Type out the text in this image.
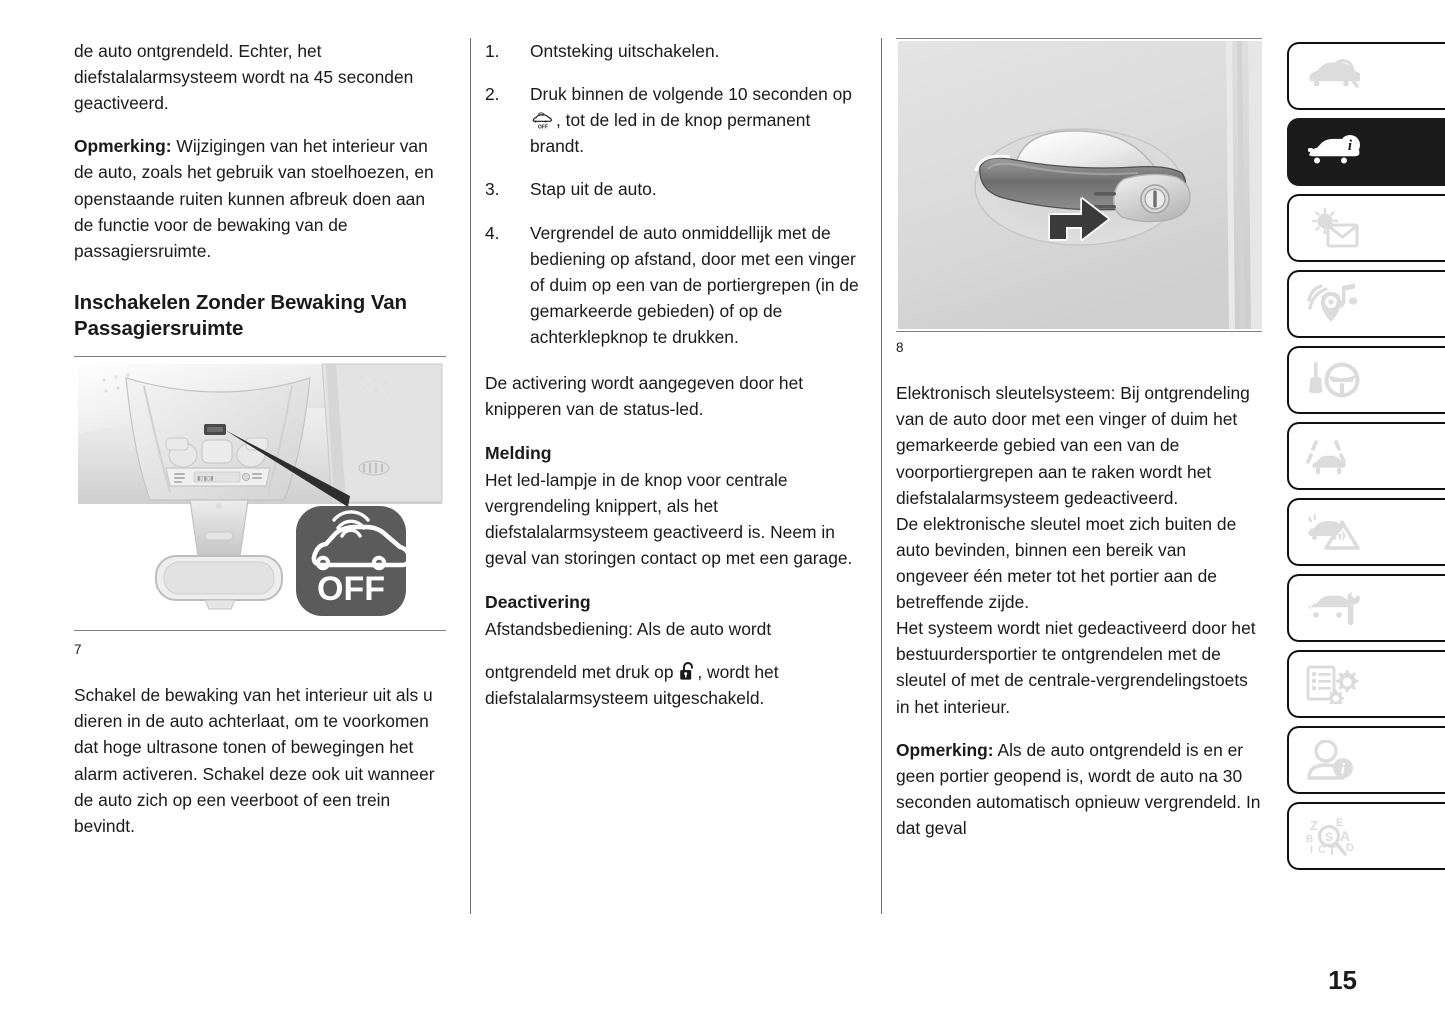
de auto ontgrendeld. Echter, het diefstalalarmsysteem wordt na 45 seconden geactiveerd.

Opmerking: Wijzigingen van het interieur van de auto, zoals het gebruik van stoelhoezen, en openstaande ruiten kunnen afbreuk doen aan de functie voor de bewaking van de passagiersruimte.

Inschakelen Zonder Bewaking Van Passagiersruimte
▮▯▮▯▮
OFF
7

Schakel de bewaking van het interieur uit als u dieren in de auto achterlaat, om te voorkomen dat hoge ultrasone tonen of bewegingen het alarm activeren. Schakel deze ook uit wanneer de auto zich op een veerboot of een trein bevindt.

1.	Ontsteking uitschakelen.
2.	Druk binnen de volgende 10 seconden op
OFF , tot de led in de knop permanent brandt.
3.	Stap uit de auto.
4.	Vergrendel de auto onmiddellijk met de bediening op afstand, door met een vinger of duim op een van de portiergrepen (in de gemarkeerde gebieden) of op de achterklepknop te drukken.

De activering wordt aangegeven door het knipperen van de status-led.

Melding

Het led-lampje in de knop voor centrale vergrendeling knippert, als het diefstalalarmsysteem geactiveerd is. Neem in geval van storingen contact op met een garage.

Deactivering

Afstandsbediening: Als de auto wordt

ontgrendeld met druk op , wordt het diefstalalarmsysteem uitgeschakeld.

8

Elektronisch sleutelsysteem: Bij ontgrendeling van de auto door met een vinger of duim het gemarkeerde gebied van een van de voorportiergrepen aan te raken wordt het diefstalalarmsysteem gedeactiveerd.

De elektronische sleutel moet zich buiten de auto bevinden, binnen een bereik van ongeveer één meter tot het portier aan de betreffende zijde.

Het systeem wordt niet gedeactiveerd door het bestuurdersportier te ontgrendelen met de sleutel of met de centrale-vergrendelingstoets in het interieur.

Opmerking: Als de auto ontgrendeld is en er geen portier geopend is, wordt de auto na 30 seconden automatisch opnieuw vergrendeld. In dat geval

i
i
Z
B
I C T
E
A
D
S
15
